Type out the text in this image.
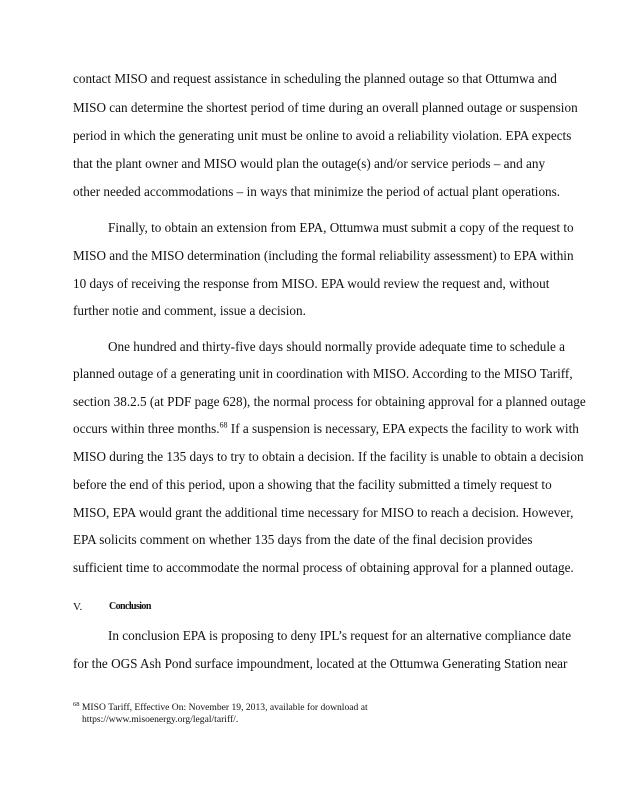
contact MISO and request assistance in scheduling the planned outage so that Ottumwa and
MISO can determine the shortest period of time during an overall planned outage or suspension
period in which the generating unit must be online to avoid a reliability violation. EPA expects
that the plant owner and MISO would plan the outage(s) and/or service periods – and any
other needed accommodations – in ways that minimize the period of actual plant operations.
Finally, to obtain an extension from EPA, Ottumwa must submit a copy of the request to
MISO and the MISO determination (including the formal reliability assessment) to EPA within
10 days of receiving the response from MISO. EPA would review the request and, without
further notie and comment, issue a decision.
One hundred and thirty-five days should normally provide adequate time to schedule a
planned outage of a generating unit in coordination with MISO. According to the MISO Tariff,
section 38.2.5 (at PDF page 628), the normal process for obtaining approval for a planned outage
occurs within three months.$^{68}$ If a suspension is necessary, EPA expects the facility to work with
MISO during the 135 days to try to obtain a decision. If the facility is unable to obtain a decision
before the end of this period, upon a showing that the facility submitted a timely request to
MISO, EPA would grant the additional time necessary for MISO to reach a decision. However,
EPA solicits comment on whether 135 days from the date of the final decision provides
sufficient time to accommodate the normal process of obtaining approval for a planned outage.
V.	Conclusion
In conclusion EPA is proposing to deny IPL’s request for an alternative compliance date
for the OGS Ash Pond surface impoundment, located at the Ottumwa Generating Station near
$^{68}$ MISO Tariff, Effective On: November 19, 2013, available for download at
https://www.misoenergy.org/legal/tariff/.
